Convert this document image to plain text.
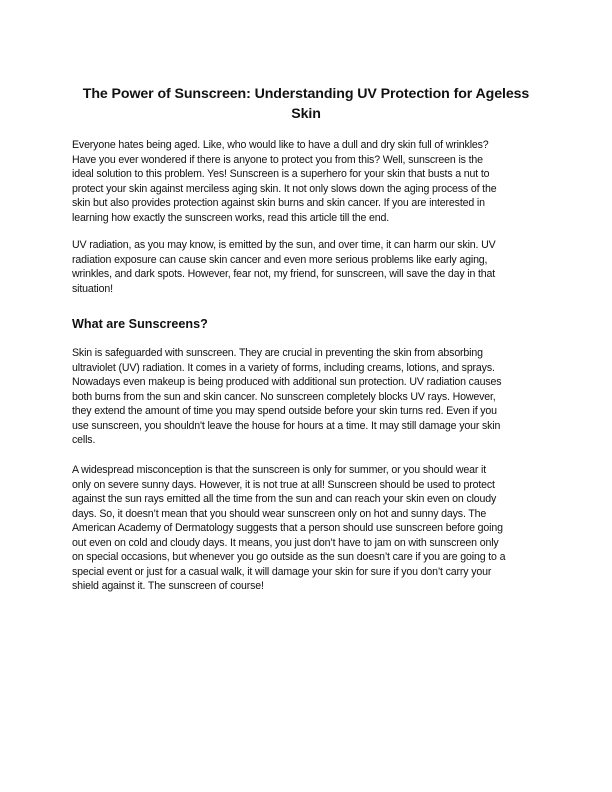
The Power of Sunscreen: Understanding UV Protection for Ageless
Skin

Everyone hates being aged. Like, who would like to have a dull and dry skin full of wrinkles?
Have you ever wondered if there is anyone to protect you from this? Well, sunscreen is the
ideal solution to this problem. Yes! Sunscreen is a superhero for your skin that busts a nut to
protect your skin against merciless aging skin. It not only slows down the aging process of the
skin but also provides protection against skin burns and skin cancer. If you are interested in
learning how exactly the sunscreen works, read this article till the end.

UV radiation, as you may know, is emitted by the sun, and over time, it can harm our skin. UV
radiation exposure can cause skin cancer and even more serious problems like early aging,
wrinkles, and dark spots. However, fear not, my friend, for sunscreen, will save the day in that
situation!

What are Sunscreens?

Skin is safeguarded with sunscreen. They are crucial in preventing the skin from absorbing
ultraviolet (UV) radiation. It comes in a variety of forms, including creams, lotions, and sprays.
Nowadays even makeup is being produced with additional sun protection. UV radiation causes
both burns from the sun and skin cancer. No sunscreen completely blocks UV rays. However,
they extend the amount of time you may spend outside before your skin turns red. Even if you
use sunscreen, you shouldn't leave the house for hours at a time. It may still damage your skin
cells.

A widespread misconception is that the sunscreen is only for summer, or you should wear it
only on severe sunny days. However, it is not true at all! Sunscreen should be used to protect
against the sun rays emitted all the time from the sun and can reach your skin even on cloudy
days. So, it doesn’t mean that you should wear sunscreen only on hot and sunny days. The
American Academy of Dermatology suggests that a person should use sunscreen before going
out even on cold and cloudy days. It means, you just don’t have to jam on with sunscreen only
on special occasions, but whenever you go outside as the sun doesn’t care if you are going to a
special event or just for a casual walk, it will damage your skin for sure if you don’t carry your
shield against it. The sunscreen of course!
